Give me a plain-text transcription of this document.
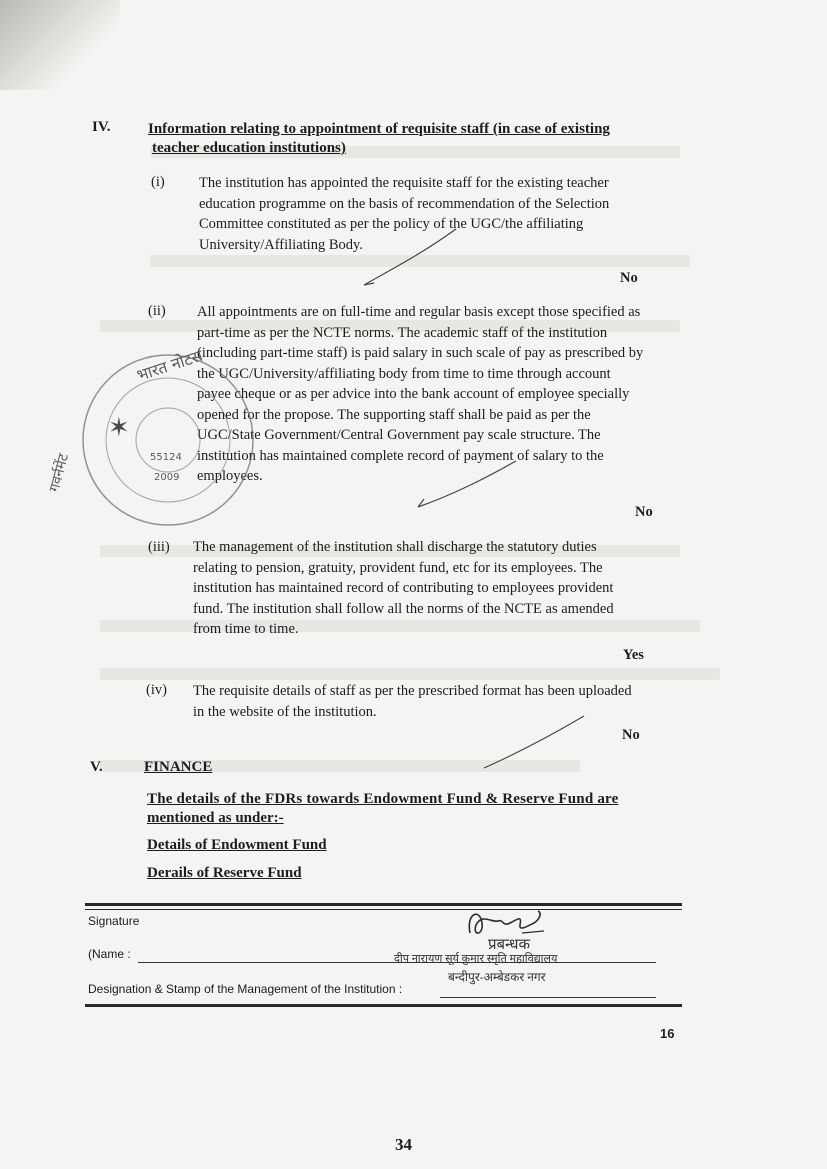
IV.	Information relating to appointment of requisite staff (in case of existing
teacher education institutions)
(i) The institution has appointed the requisite staff for the existing teacher
education programme on the basis of recommendation of the Selection
Committee constituted as per the policy of the UGC/the affiliating
University/Affiliating Body.
No
(ii) All appointments are on full-time and regular basis except those specified as
part-time as per the NCTE norms. The academic staff of the institution
(including part-time staff) is paid salary in such scale of pay as prescribed by
the UGC/University/affiliating body from time to time through account
payee cheque or as per advice into the bank account of employee specially
opened for the propose. The supporting staff shall be paid as per the
UGC/State Government/Central Government pay scale structure. The
institution has maintained complete record of payment of salary to the
employees.
No
(iii) The management of the institution shall discharge the statutory duties
relating to pension, gratuity, provident fund, etc for its employees. The
institution has maintained record of contributing to employees provident
fund. The institution shall follow all the norms of the NCTE as amended
from time to time.
Yes
(iv) The requisite details of staff as per the prescribed format has been uploaded
in the website of the institution.
No
V.	FINANCE
The details of the FDRs towards Endowment Fund & Reserve Fund are
mentioned as under:-
Details of Endowment Fund
Derails of Reserve Fund
Signature
(Name :
Designation & Stamp of the Management of the Institution :
प्रबन्धक
दीप नारायण सूर्य कुमार स्मृति महाविद्यालय
बन्दीपुर-अम्बेडकर नगर
16
✶
भारत नोटस
गवर्नमेंट	55124
2009
34
